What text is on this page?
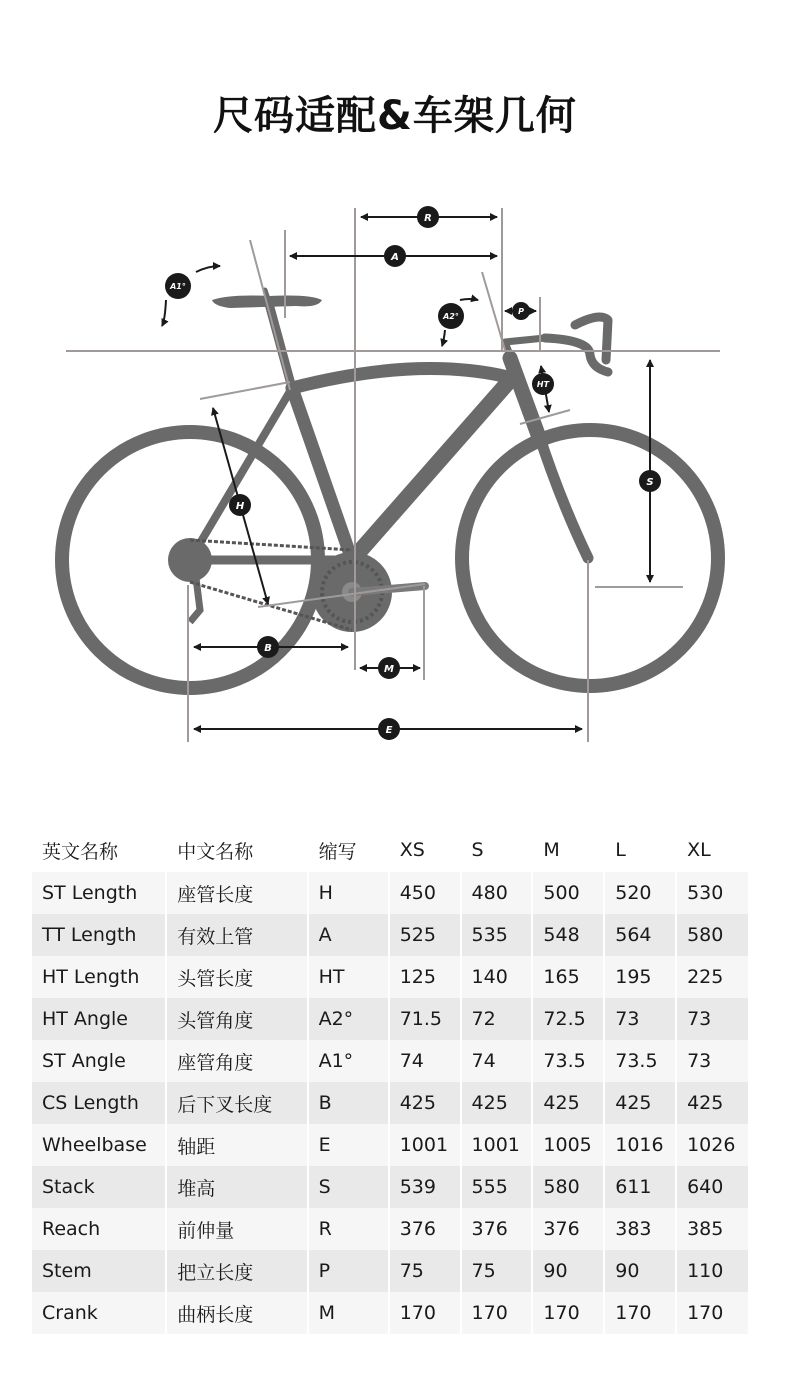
尺码适配&车架几何
R
A
A1°
A2°
P
HT
S
H
B
M
E
英文名称	中文名称	缩写	XS	S	M	L	XL
ST Length	座管长度	H	450	480	500	520	530
TT Length	有效上管	A	525	535	548	564	580
HT Length	头管长度	HT	125	140	165	195	225
HT Angle	头管角度	A2°	71.5	72	72.5	73	73
ST Angle	座管角度	A1°	74	74	73.5	73.5	73
CS Length	后下叉长度	B	425	425	425	425	425
Wheelbase	轴距	E	1001	1001	1005	1016	1026
Stack	堆高	S	539	555	580	611	640
Reach	前伸量	R	376	376	376	383	385
Stem	把立长度	P	75	75	90	90	110
Crank	曲柄长度	M	170	170	170	170	170
